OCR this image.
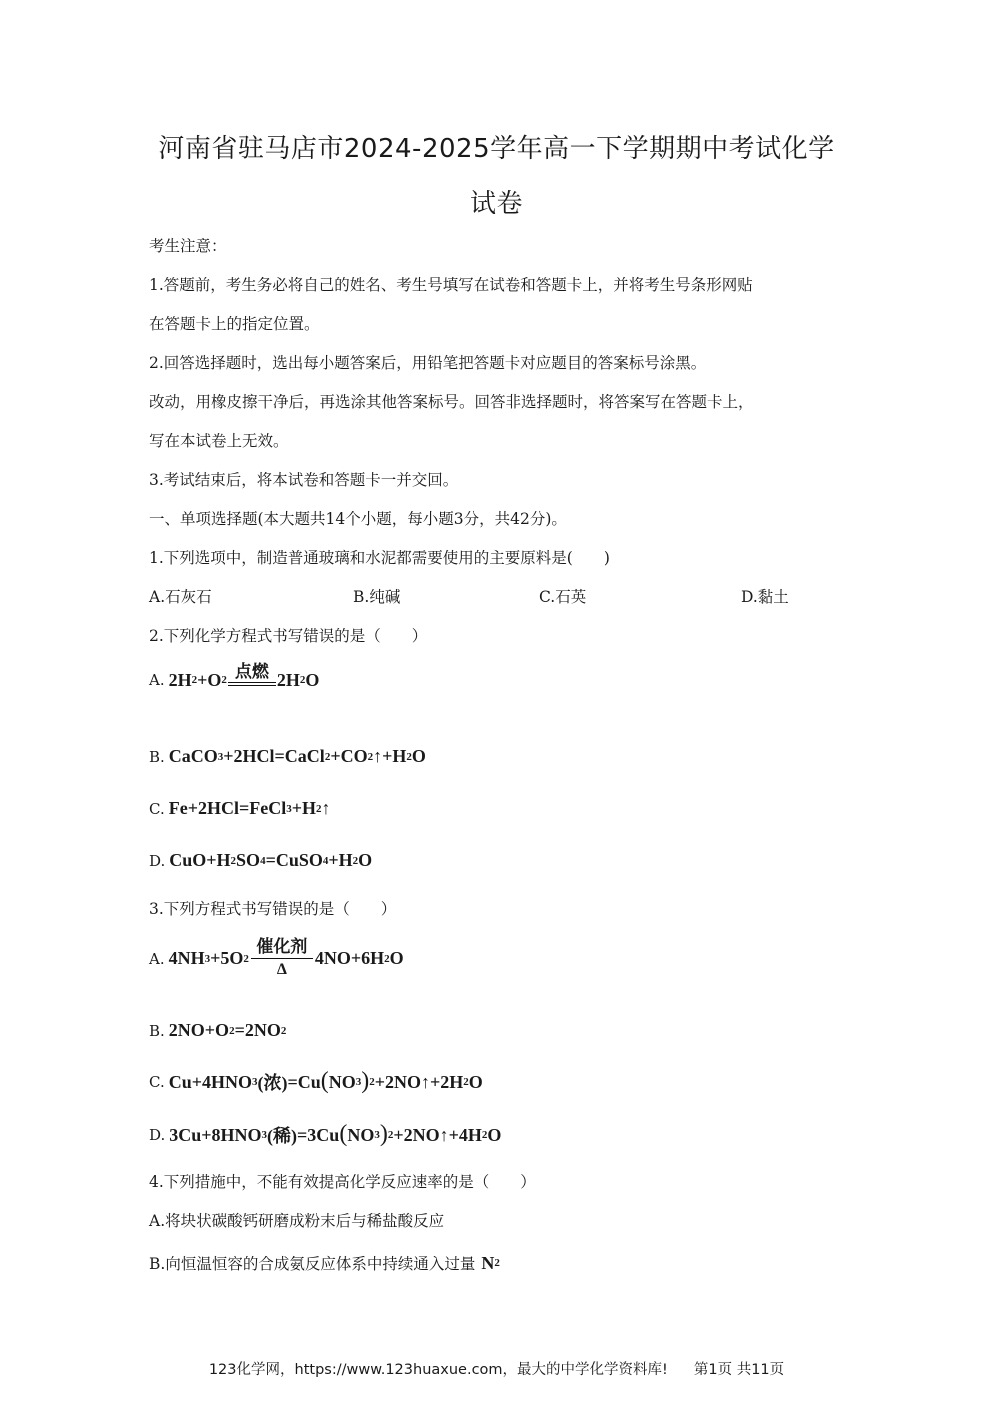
河南省驻马店市2024-2025学年高一下学期期中考试化学
试卷
考生注意：
1.答题前，考生务必将自己的姓名、考生号填写在试卷和答题卡上，并将考生号条形网贴
在答题卡上的指定位置。
2.回答选择题时，选出每小题答案后，用铅笔把答题卡对应题目的答案标号涂黑。
改动，用橡皮擦干净后，再选涂其他答案标号。回答非选择题时，将答案写在答题卡上，
写在本试卷上无效。
3.考试结束后，将本试卷和答题卡一并交回。
一、单项选择题(本大题共14个小题，每小题3分，共42分)。
1.下列选项中，制造普通玻璃和水泥都需要使用的主要原料是(　　)
A.石灰石	B.纯碱	C.石英	D.黏土
2.下列化学方程式书写错误的是（　　）
A. 2H 2 +O 2 点燃 $2H_2$ O
B. CaCO 3 +2HCl=CaCl 2 +CO 2 ↑+H 2 O
C. Fe+2HCl=FeCl 3 +H 2 ↑
D. CuO+H 2 SO 4 =CuSO 4 +H 2 O
3.下列方程式书写错误的是（　　）
A. 4NH 3 +5O 2
催化剂
Δ
4NO+6H 2 O
B. 2NO+O 2 =2NO 2
C. Cu+4HNO 3 (浓) =Cu ( NO 3 ) 2 +2NO↑+2H 2 O
D. 3Cu+8HNO 3 (稀) =3Cu ( NO 3 ) 2 +2NO↑+4H 2 O
4.下列措施中，不能有效提高化学反应速率的是（　　）
A.将块状碳酸钙研磨成粉末后与稀盐酸反应
B.向恒温恒容的合成氨反应体系中持续通入过量 N 2
123化学网，https://www.123huaxue.com，最大的中学化学资料库! 第1页 共11页
